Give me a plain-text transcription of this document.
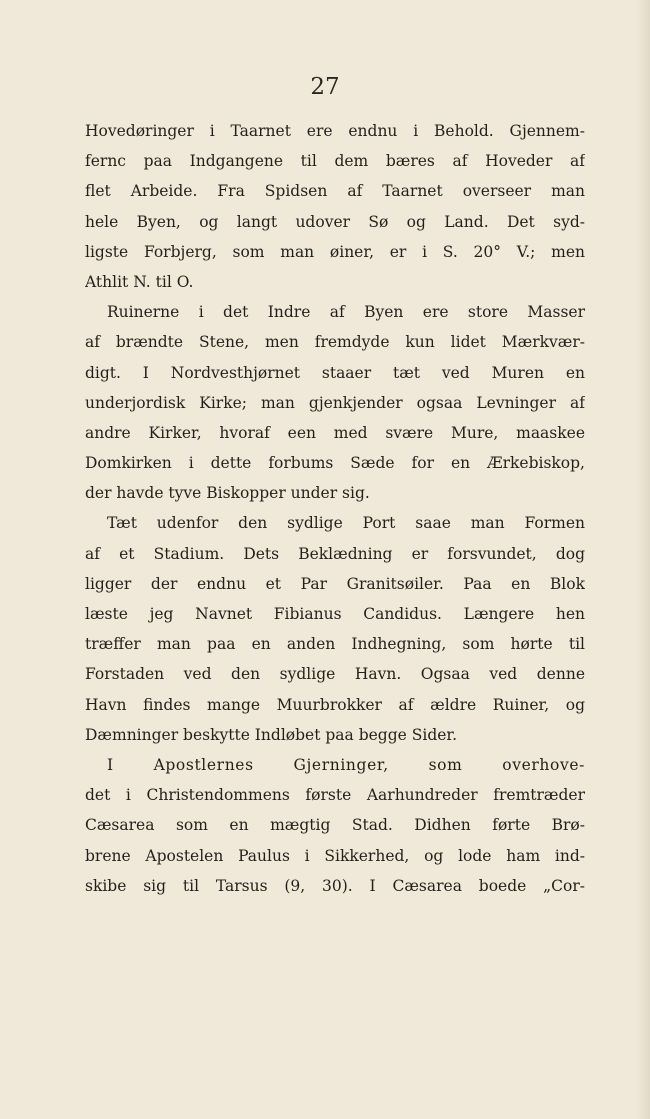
27
Hovedøringer i Taarnet ere endnu i Behold. Gjennem-
fernc paa Indgangene til dem bæres af Hoveder af
flet Arbeide. Fra Spidsen af Taarnet overseer man
hele Byen, og langt udover Sø og Land. Det syd-
ligste Forbjerg, som man øiner, er i S. 20° V.; men
Athlit N. til O.
Ruinerne i det Indre af Byen ere store Masser
af brændte Stene, men fremdyde kun lidet Mærkvær-
digt. I Nordvesthjørnet staaer tæt ved Muren en
underjordisk Kirke; man gjenkjender ogsaa Levninger af
andre Kirker, hvoraf een med svære Mure, maaskee
Domkirken i dette forbums Sæde for en Ærkebiskop,
der havde tyve Biskopper under sig.
Tæt udenfor den sydlige Port saae man Formen
af et Stadium. Dets Beklædning er forsvundet, dog
ligger der endnu et Par Granitsøiler. Paa en Blok
læste jeg Navnet Fibianus Candidus. Længere hen
træffer man paa en anden Indhegning, som hørte til
Forstaden ved den sydlige Havn. Ogsaa ved denne
Havn findes mange Muurbrokker af ældre Ruiner, og
Dæmninger beskytte Indløbet paa begge Sider.
I Apostlernes Gjerninger, som overhove-
det i Christendommens første Aarhundreder fremtræder
Cæsarea som en mægtig Stad. Didhen førte Brø-
brene Apostelen Paulus i Sikkerhed, og lode ham ind-
skibe sig til Tarsus (9, 30). I Cæsarea boede „Cor-
